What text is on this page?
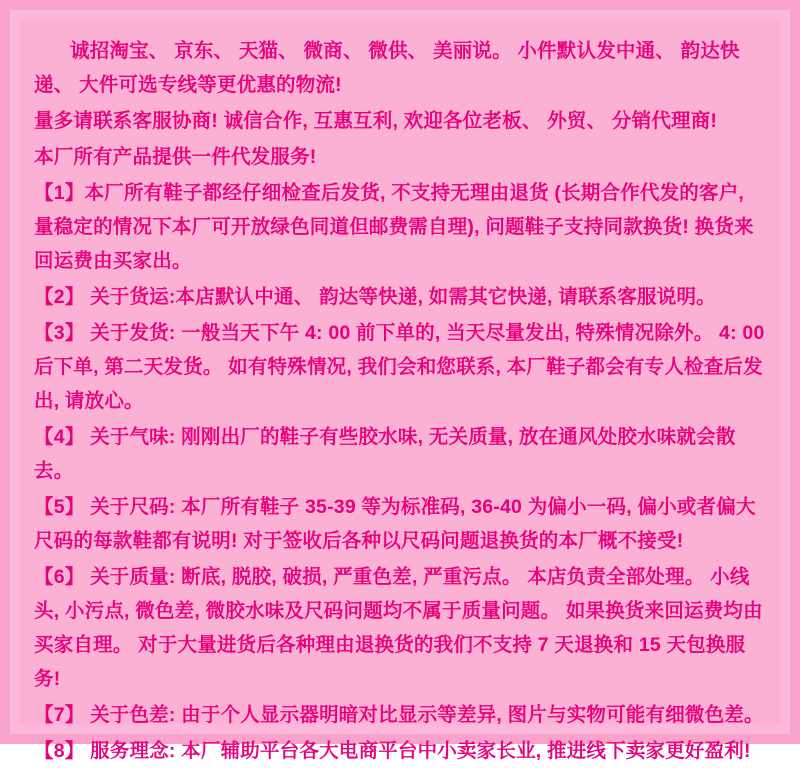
诚招淘宝、 京东、 天猫、 微商、 微供、 美丽说。 小件默认发中通、 韵达快递、 大件可选专线等更优惠的物流!

量多请联系客服协商! 诚信合作, 互惠互利, 欢迎各位老板、 外贸、 分销代理商!

本厂所有产品提供一件代发服务!

【1】本厂所有鞋子都经仔细检查后发货, 不支持无理由退货 (长期合作代发的客户, 量稳定的情况下本厂可开放绿色同道但邮费需自理), 问题鞋子支持同款换货! 换货来回运费由买家出。

【2】 关于货运:本店默认中通、 韵达等快递, 如需其它快递, 请联系客服说明。

【3】 关于发货: 一般当天下午 4: 00 前下单的, 当天尽量发出, 特殊情况除外。 4: 00 后下单, 第二天发货。 如有特殊情况, 我们会和您联系, 本厂鞋子都会有专人检查后发出, 请放心。

【4】 关于气味: 刚刚出厂的鞋子有些胶水味, 无关质量, 放在通风处胶水味就会散去。

【5】 关于尺码: 本厂所有鞋子 35-39 等为标准码, 36-40 为偏小一码, 偏小或者偏大尺码的每款鞋都有说明! 对于签收后各种以尺码问题退换货的本厂概不接受!

【6】 关于质量: 断底, 脱胶, 破损, 严重色差, 严重污点。 本店负责全部处理。 小线头, 小污点, 微色差, 微胶水味及尺码问题均不属于质量问题。 如果换货来回运费均由买家自理。 对于大量进货后各种理由退换货的我们不支持 7 天退换和 15 天包换服务!

【7】 关于色差: 由于个人显示器明暗对比显示等差异, 图片与实物可能有细微色差。

【8】 服务理念: 本厂辅助平台各大电商平台中小卖家长业, 推进线下卖家更好盈利!
